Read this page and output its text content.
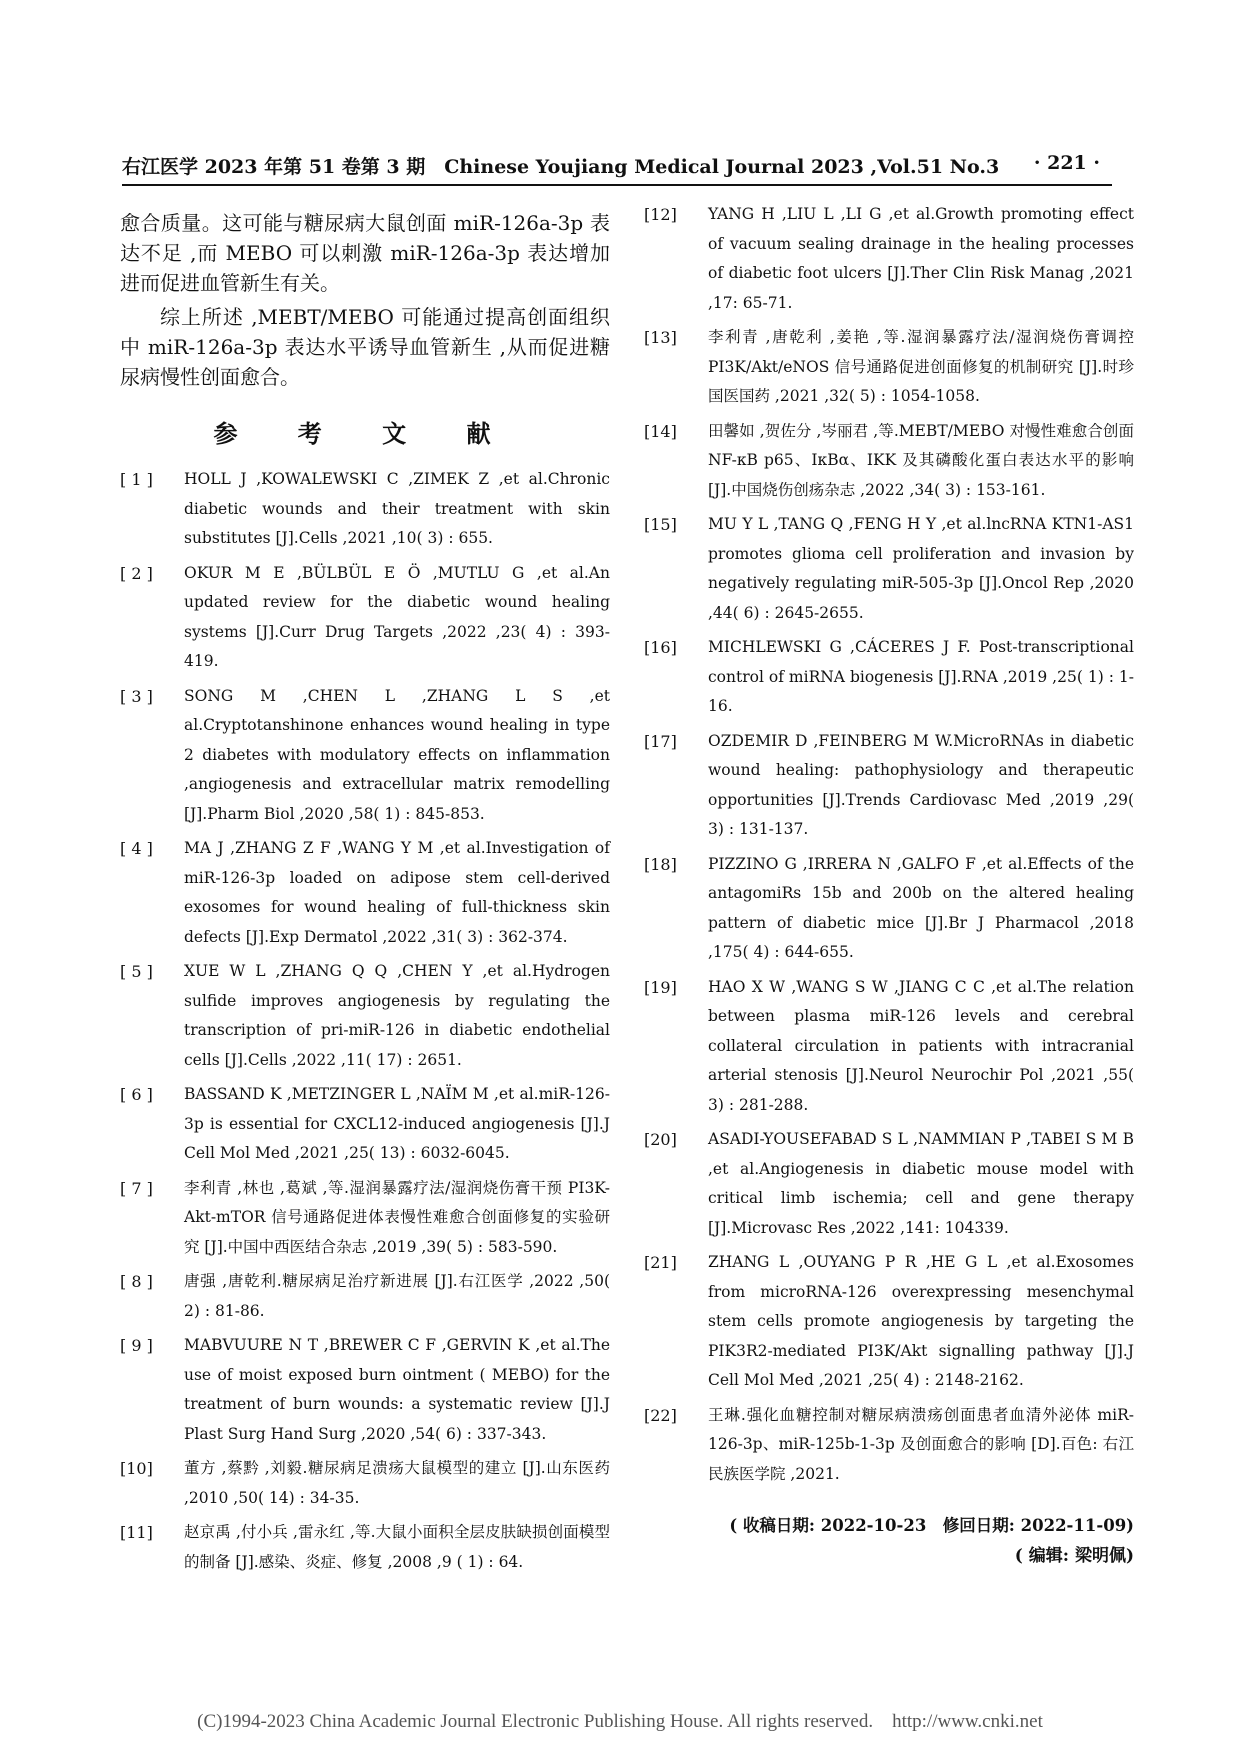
右江医学 2023 年第 51 卷第 3 期　Chinese Youjiang Medical Journal 2023 ,Vol.51 No.3 · 221 ·

愈合质量。这可能与糖尿病大鼠创面 miR-126a-3p 表达不足 ,而 MEBO 可以刺激 miR-126a-3p 表达增加进而促进血管新生有关。

综上所述 ,MEBT/MEBO 可能通过提高创面组织中 miR-126a-3p 表达水平诱导血管新生 ,从而促进糖尿病慢性创面愈合。

参 考 文 献
[ 1 ]	HOLL J ,KOWALEWSKI C ,ZIMEK Z ,et al.Chronic diabetic wounds and their treatment with skin substitutes [J].Cells ,2021 ,10( 3) : 655.
[ 2 ]	OKUR M E ,BÜLBÜL E Ö ,MUTLU G ,et al.An updated review for the diabetic wound healing systems [J].Curr Drug Targets ,2022 ,23( 4) : 393-419.
[ 3 ]	SONG M ,CHEN L ,ZHANG L S ,et al.Cryptotanshinone enhances wound healing in type 2 diabetes with modulatory effects on inflammation ,angiogenesis and extracellular matrix remodelling [J].Pharm Biol ,2020 ,58( 1) : 845-853.
[ 4 ]	MA J ,ZHANG Z F ,WANG Y M ,et al.Investigation of miR-126-3p loaded on adipose stem cell-derived exosomes for wound healing of full-thickness skin defects [J].Exp Dermatol ,2022 ,31( 3) : 362-374.
[ 5 ]	XUE W L ,ZHANG Q Q ,CHEN Y ,et al.Hydrogen sulfide improves angiogenesis by regulating the transcription of pri-miR-126 in diabetic endothelial cells [J].Cells ,2022 ,11( 17) : 2651.
[ 6 ]	BASSAND K ,METZINGER L ,NAÏM M ,et al.miR-126-3p is essential for CXCL12-induced angiogenesis [J].J Cell Mol Med ,2021 ,25( 13) : 6032-6045.
[ 7 ]	李利青 ,林也 ,葛斌 ,等.湿润暴露疗法/湿润烧伤膏干预 PI3K-Akt-mTOR 信号通路促进体表慢性难愈合创面修复的实验研究 [J].中国中西医结合杂志 ,2019 ,39( 5) : 583-590.
[ 8 ]	唐强 ,唐乾利.糖尿病足治疗新进展 [J].右江医学 ,2022 ,50( 2) : 81-86.
[ 9 ]	MABVUURE N T ,BREWER C F ,GERVIN K ,et al.The use of moist exposed burn ointment ( MEBO) for the treatment of burn wounds: a systematic review [J].J Plast Surg Hand Surg ,2020 ,54( 6) : 337-343.
[10]	董方 ,蔡黔 ,刘毅.糖尿病足溃疡大鼠模型的建立 [J].山东医药 ,2010 ,50( 14) : 34-35.
[11]	赵京禹 ,付小兵 ,雷永红 ,等.大鼠小面积全层皮肤缺损创面模型的制备 [J].感染、炎症、修复 ,2008 ,9 ( 1) : 64.
[12]	YANG H ,LIU L ,LI G ,et al.Growth promoting effect of vacuum sealing drainage in the healing processes of diabetic foot ulcers [J].Ther Clin Risk Manag ,2021 ,17: 65-71.
[13]	李利青 ,唐乾利 ,姜艳 ,等.湿润暴露疗法/湿润烧伤膏调控 PI3K/Akt/eNOS 信号通路促进创面修复的机制研究 [J].时珍国医国药 ,2021 ,32( 5) : 1054-1058.
[14]	田馨如 ,贺佐分 ,岑丽君 ,等.MEBT/MEBO 对慢性难愈合创面 NF-κB p65、IκBα、IKK 及其磷酸化蛋白表达水平的影响 [J].中国烧伤创疡杂志 ,2022 ,34( 3) : 153-161.
[15]	MU Y L ,TANG Q ,FENG H Y ,et al.lncRNA KTN1-AS1 promotes glioma cell proliferation and invasion by negatively regulating miR-505-3p [J].Oncol Rep ,2020 ,44( 6) : 2645-2655.
[16]	MICHLEWSKI G ,CÁCERES J F. Post-transcriptional control of miRNA biogenesis [J].RNA ,2019 ,25( 1) : 1-16.
[17]	OZDEMIR D ,FEINBERG M W.MicroRNAs in diabetic wound healing: pathophysiology and therapeutic opportunities [J].Trends Cardiovasc Med ,2019 ,29( 3) : 131-137.
[18]	PIZZINO G ,IRRERA N ,GALFO F ,et al.Effects of the antagomiRs 15b and 200b on the altered healing pattern of diabetic mice [J].Br J Pharmacol ,2018 ,175( 4) : 644-655.
[19]	HAO X W ,WANG S W ,JIANG C C ,et al.The relation between plasma miR-126 levels and cerebral collateral circulation in patients with intracranial arterial stenosis [J].Neurol Neurochir Pol ,2021 ,55( 3) : 281-288.
[20]	ASADI-YOUSEFABAD S L ,NAMMIAN P ,TABEI S M B ,et al.Angiogenesis in diabetic mouse model with critical limb ischemia; cell and gene therapy [J].Microvasc Res ,2022 ,141: 104339.
[21]	ZHANG L ,OUYANG P R ,HE G L ,et al.Exosomes from microRNA-126 overexpressing mesenchymal stem cells promote angiogenesis by targeting the PIK3R2-mediated PI3K/Akt signalling pathway [J].J Cell Mol Med ,2021 ,25( 4) : 2148-2162.
[22]	王琳.强化血糖控制对糖尿病溃疡创面患者血清外泌体 miR-126-3p、miR-125b-1-3p 及创面愈合的影响 [D].百色: 右江民族医学院 ,2021.
( 收稿日期: 2022-10-23　修回日期: 2022-11-09)
( 编辑: 梁明佩)
(C)1994-2023 China Academic Journal Electronic Publishing House. All rights reserved.　http://www.cnki.net
